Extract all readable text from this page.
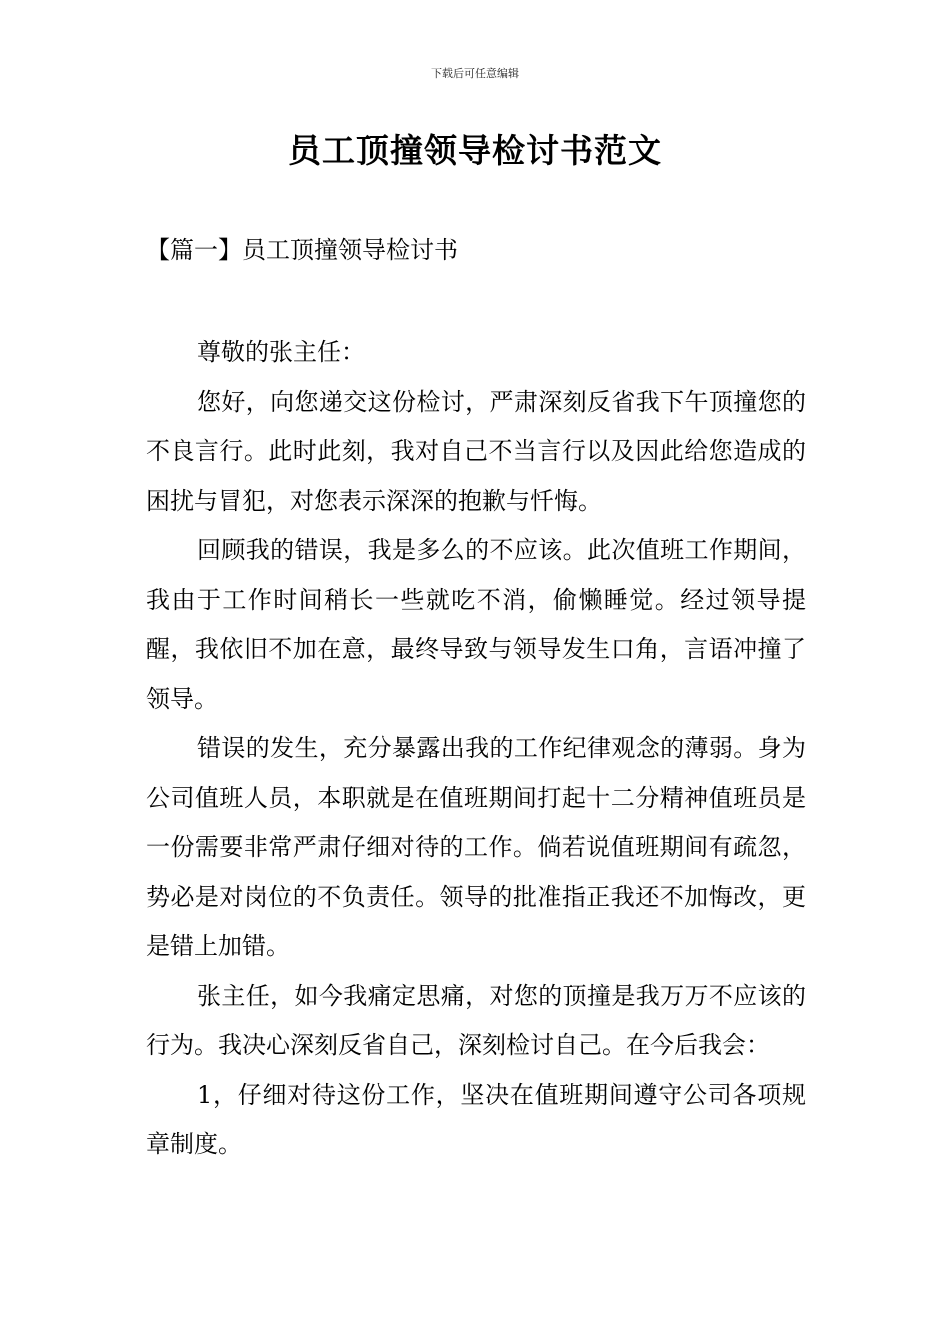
下载后可任意编辑
员工顶撞领导检讨书范文
【篇一】员工顶撞领导检讨书

尊敬的张主任：

您好，向您递交这份检讨，严肃深刻反省我下午顶撞您的不良言行。此时此刻，我对自己不当言行以及因此给您造成的困扰与冒犯，对您表示深深的抱歉与忏悔。

回顾我的错误，我是多么的不应该。此次值班工作期间，我由于工作时间稍长一些就吃不消，偷懒睡觉。经过领导提醒，我依旧不加在意，最终导致与领导发生口角，言语冲撞了领导。

错误的发生，充分暴露出我的工作纪律观念的薄弱。身为公司值班人员，本职就是在值班期间打起十二分精神值班员是一份需要非常严肃仔细对待的工作。倘若说值班期间有疏忽，势必是对岗位的不负责任。领导的批准指正我还不加悔改，更是错上加错。

张主任，如今我痛定思痛，对您的顶撞是我万万不应该的行为。我决心深刻反省自己，深刻检讨自己。在今后我会：

1，仔细对待这份工作，坚决在值班期间遵守公司各项规章制度。
